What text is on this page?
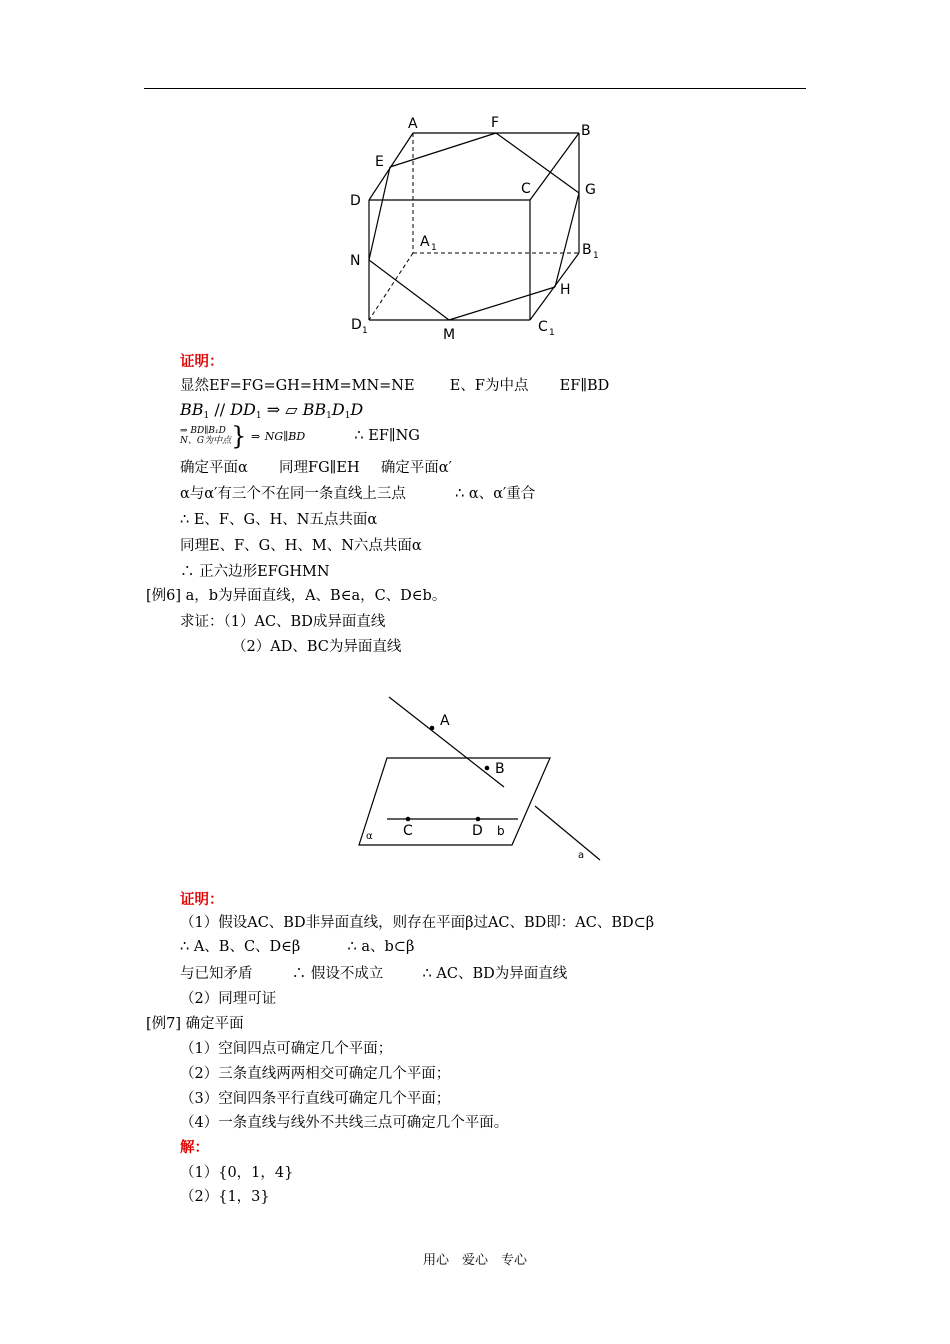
A	F	B
E
D
C	G
A 1	B 1
N
H
D 1	M	C 1
证明：
显然EF=FG=GH=HM=MN=NE E、F为中点 EF∥BD
$BB_1 // DD_1$ ⇒ ▱ $BB_1D_1D$
⇒ BD∥B₁D
N、G为中点 } ⇒ NG∥BD	∴ EF∥NG
确定平面α 同理FG∥EH 确定平面α′
α与α′有三个不在同一条直线上三点	∴ α、α′重合
∴ E、F、G、H、N五点共面α
同理E、F、G、H、M、N六点共面α
∴ 正六边形EFGHMN
[例6] a，b为异面直线，A、B∈a，C、D∈b。
求证：（1）AC、BD成异面直线
（2）AD、BC为异面直线
A
B
C	D b
α
a
证明：
（1）假设AC、BD非异面直线，则存在平面β过AC、BD即：AC、BD⊂β
∴ A、B、C、D∈β	∴ a、b⊂β
与已知矛盾	∴ 假设不成立	∴ AC、BD为异面直线
（2）同理可证
[例7] 确定平面
（1）空间四点可确定几个平面；
（2）三条直线两两相交可确定几个平面；
（3）空间四条平行直线可确定几个平面；
（4）一条直线与线外不共线三点可确定几个平面。
解：
（1）{0，1，4}
（2）{1，3}
用心　爱心　专心
